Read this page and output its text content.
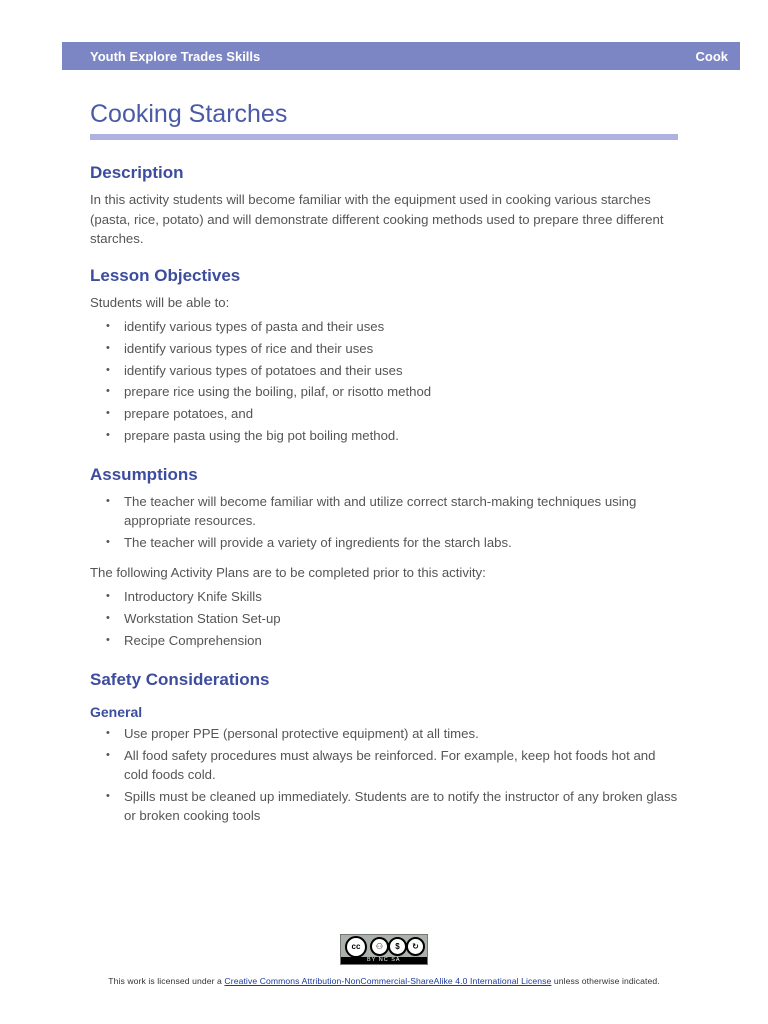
Youth Explore Trades Skills	Cook
Cooking Starches
Description

In this activity students will become familiar with the equipment used in cooking various starches (pasta, rice, potato) and will demonstrate different cooking methods used to prepare three different starches.

Lesson Objectives

Students will be able to:

• identify various types of pasta and their uses
• identify various types of rice and their uses
• identify various types of potatoes and their uses
• prepare rice using the boiling, pilaf, or risotto method
• prepare potatoes, and
• prepare pasta using the big pot boiling method.
Assumptions
• The teacher will become familiar with and utilize correct starch-making techniques using appropriate resources.
• The teacher will provide a variety of ingredients for the starch labs.

The following Activity Plans are to be completed prior to this activity:

• Introductory Knife Skills
• Workstation Station Set-up
• Recipe Comprehension
Safety Considerations
General
• Use proper PPE (personal protective equipment) at all times.
• All food safety procedures must always be reinforced. For example, keep hot foods hot and cold foods cold.
• Spills must be cleaned up immediately. Students are to notify the instructor of any broken glass or broken cooking tools
cc	⚇	$	↻
BY NC SA
This work is licensed under a Creative Commons Attribution-NonCommercial-ShareAlike 4.0 International License unless otherwise indicated.
